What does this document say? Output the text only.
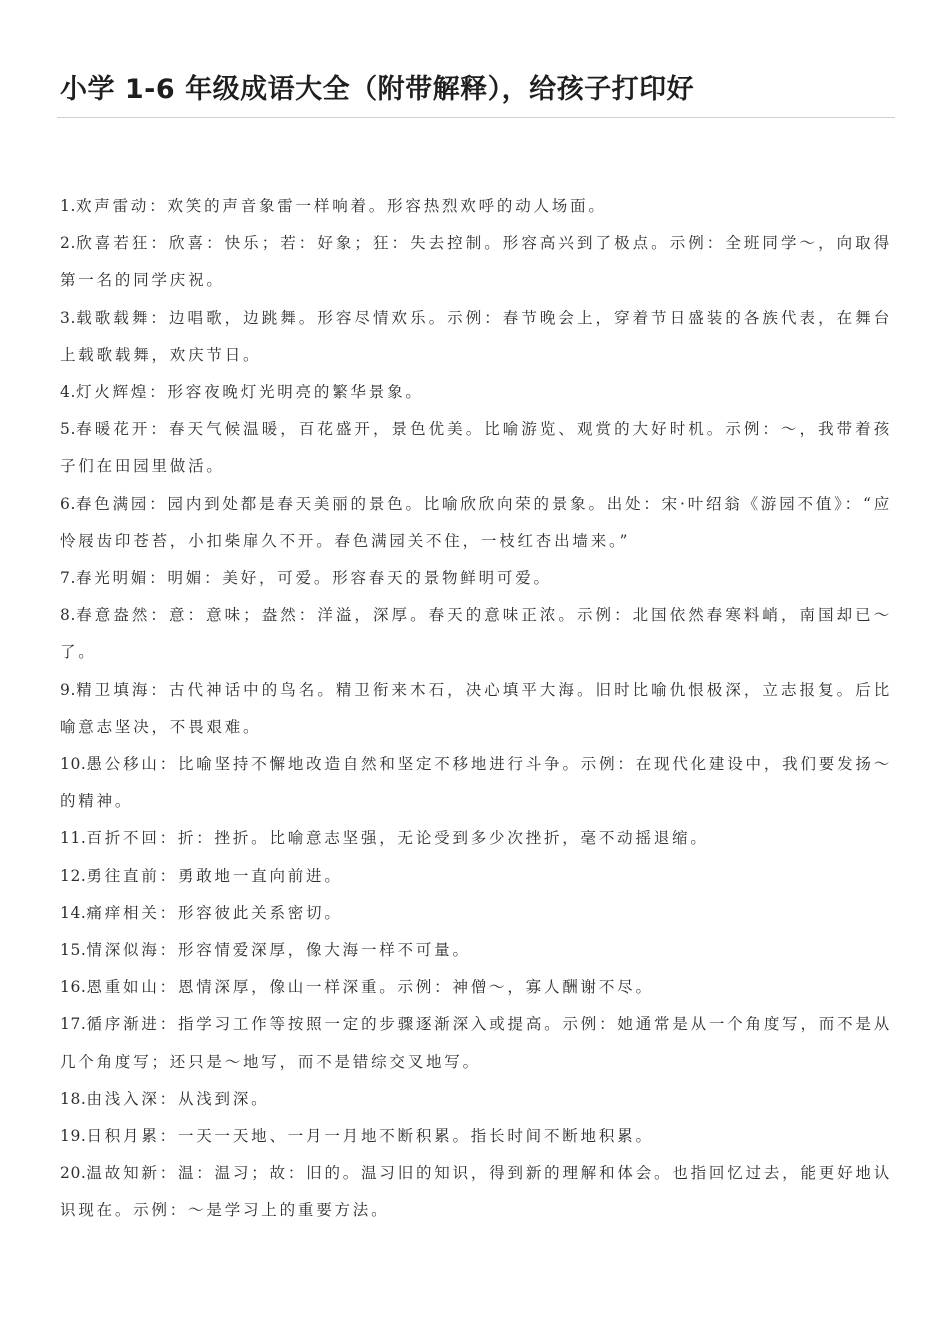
小学 1-6 年级成语大全（附带解释），给孩子打印好
1.欢声雷动：欢笑的声音象雷一样响着。形容热烈欢呼的动人场面。
2.欣喜若狂：欣喜：快乐；若：好象；狂：失去控制。形容高兴到了极点。示例：全班同学～，向取得第一名的同学庆祝。
3.载歌载舞：边唱歌，边跳舞。形容尽情欢乐。示例：春节晚会上，穿着节日盛装的各族代表，在舞台上载歌载舞，欢庆节日。
4.灯火辉煌：形容夜晚灯光明亮的繁华景象。
5.春暖花开：春天气候温暖，百花盛开，景色优美。比喻游览、观赏的大好时机。示例：～，我带着孩子们在田园里做活。
6.春色满园：园内到处都是春天美丽的景色。比喻欣欣向荣的景象。出处：宋·叶绍翁《游园不值》：“应怜屐齿印苍苔，小扣柴扉久不开。春色满园关不住，一枝红杏出墙来。”
7.春光明媚：明媚：美好，可爱。形容春天的景物鲜明可爱。
8.春意盎然：意：意味；盎然：洋溢，深厚。春天的意味正浓。示例：北国依然春寒料峭，南国却已～了。
9.精卫填海：古代神话中的鸟名。精卫衔来木石，决心填平大海。旧时比喻仇恨极深，立志报复。后比喻意志坚决，不畏艰难。
10.愚公移山：比喻坚持不懈地改造自然和坚定不移地进行斗争。示例：在现代化建设中，我们要发扬～的精神。
11.百折不回：折：挫折。比喻意志坚强，无论受到多少次挫折，毫不动摇退缩。
12.勇往直前：勇敢地一直向前进。
14.痛痒相关：形容彼此关系密切。
15.情深似海：形容情爱深厚，像大海一样不可量。
16.恩重如山：恩情深厚，像山一样深重。示例：神僧～，寡人酬谢不尽。
17.循序渐进：指学习工作等按照一定的步骤逐渐深入或提高。示例：她通常是从一个角度写，而不是从几个角度写；还只是～地写，而不是错综交叉地写。
18.由浅入深：从浅到深。
19.日积月累：一天一天地、一月一月地不断积累。指长时间不断地积累。
20.温故知新：温：温习；故：旧的。温习旧的知识，得到新的理解和体会。也指回忆过去，能更好地认识现在。示例：～是学习上的重要方法。
